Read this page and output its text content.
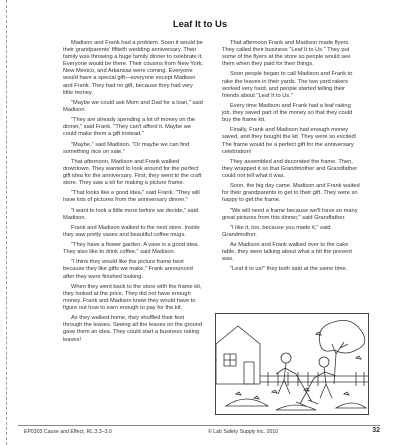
Leaf It to Us

Madison and Frank had a problem. Soon it would be their grandparents' fiftieth wedding anniversary. Their family was throwing a huge family dinner to celebrate it. Everyone would be there. Their cousins from New York, New Mexico, and Arkansas were coming. Everyone would have a special gift—everyone except Madison and Frank. They had no gift, because they had very little money.

"Maybe we could ask Mom and Dad for a loan," said Madison.

"They are already spending a lot of money on the dinner," said Frank. "They can't afford it. Maybe we could make them a gift instead."

"Maybe," said Madison. "Or maybe we can find something nice on sale."

That afternoon, Madison and Frank walked downtown. They wanted to look around for the perfect gift idea for the anniversary. First, they went to the craft store. They saw a kit for making a picture frame.

"That looks like a good idea," said Frank. "They will have lots of pictures from the anniversary dinner."

"I want to look a little more before we decide," said Madison.

Frank and Madison walked to the next store. Inside they saw pretty vases and beautiful coffee mugs.

"They have a flower garden. A vase is a good idea. They also like to drink coffee," said Madison.

"I think they would like the picture frame best because they like gifts we make," Frank announced after they were finished looking.

When they went back to the store with the frame kit, they looked at the price. They did not have enough money. Frank and Madison knew they would have to figure out how to earn enough to pay for the kit.

As they walked home, they shuffled their feet through the leaves. Seeing all the leaves on the ground gave them an idea. They could start a business raking leaves!

That afternoon Frank and Madison made flyers. They called their business "Leaf It to Us." They put some of the flyers at the store so people would see them when they paid for their things.

Soon people began to call Madison and Frank to rake the leaves in their yards. The two yard rakers worked very hard, and people started telling their friends about "Leaf It to Us."

Every time Madison and Frank had a leaf raking job, they saved part of the money so that they could buy the frame kit.

Finally, Frank and Madison had enough money saved, and they bought the kit. They were so excited! The frame would be a perfect gift for the anniversary celebration!

They assembled and decorated the frame. Then, they wrapped it so that Grandmother and Grandfather could not tell what it was.

Soon, the big day came. Madison and Frank waited for their grandparents to get to their gift. They were so happy to get the frame.

"We will need a frame because we'll have so many great pictures from this dinner," said Grandfather.

"I like it, too, because you made it," said Grandmother.

As Madison and Frank walked over to the cake table, they were talking about what a hit the present was.

"Leaf it to us!" they both said at the same time.

EP0303 Cause and Effect, RL.3.3–3.0	© Lab Safety Supply Inc. 2010	32
